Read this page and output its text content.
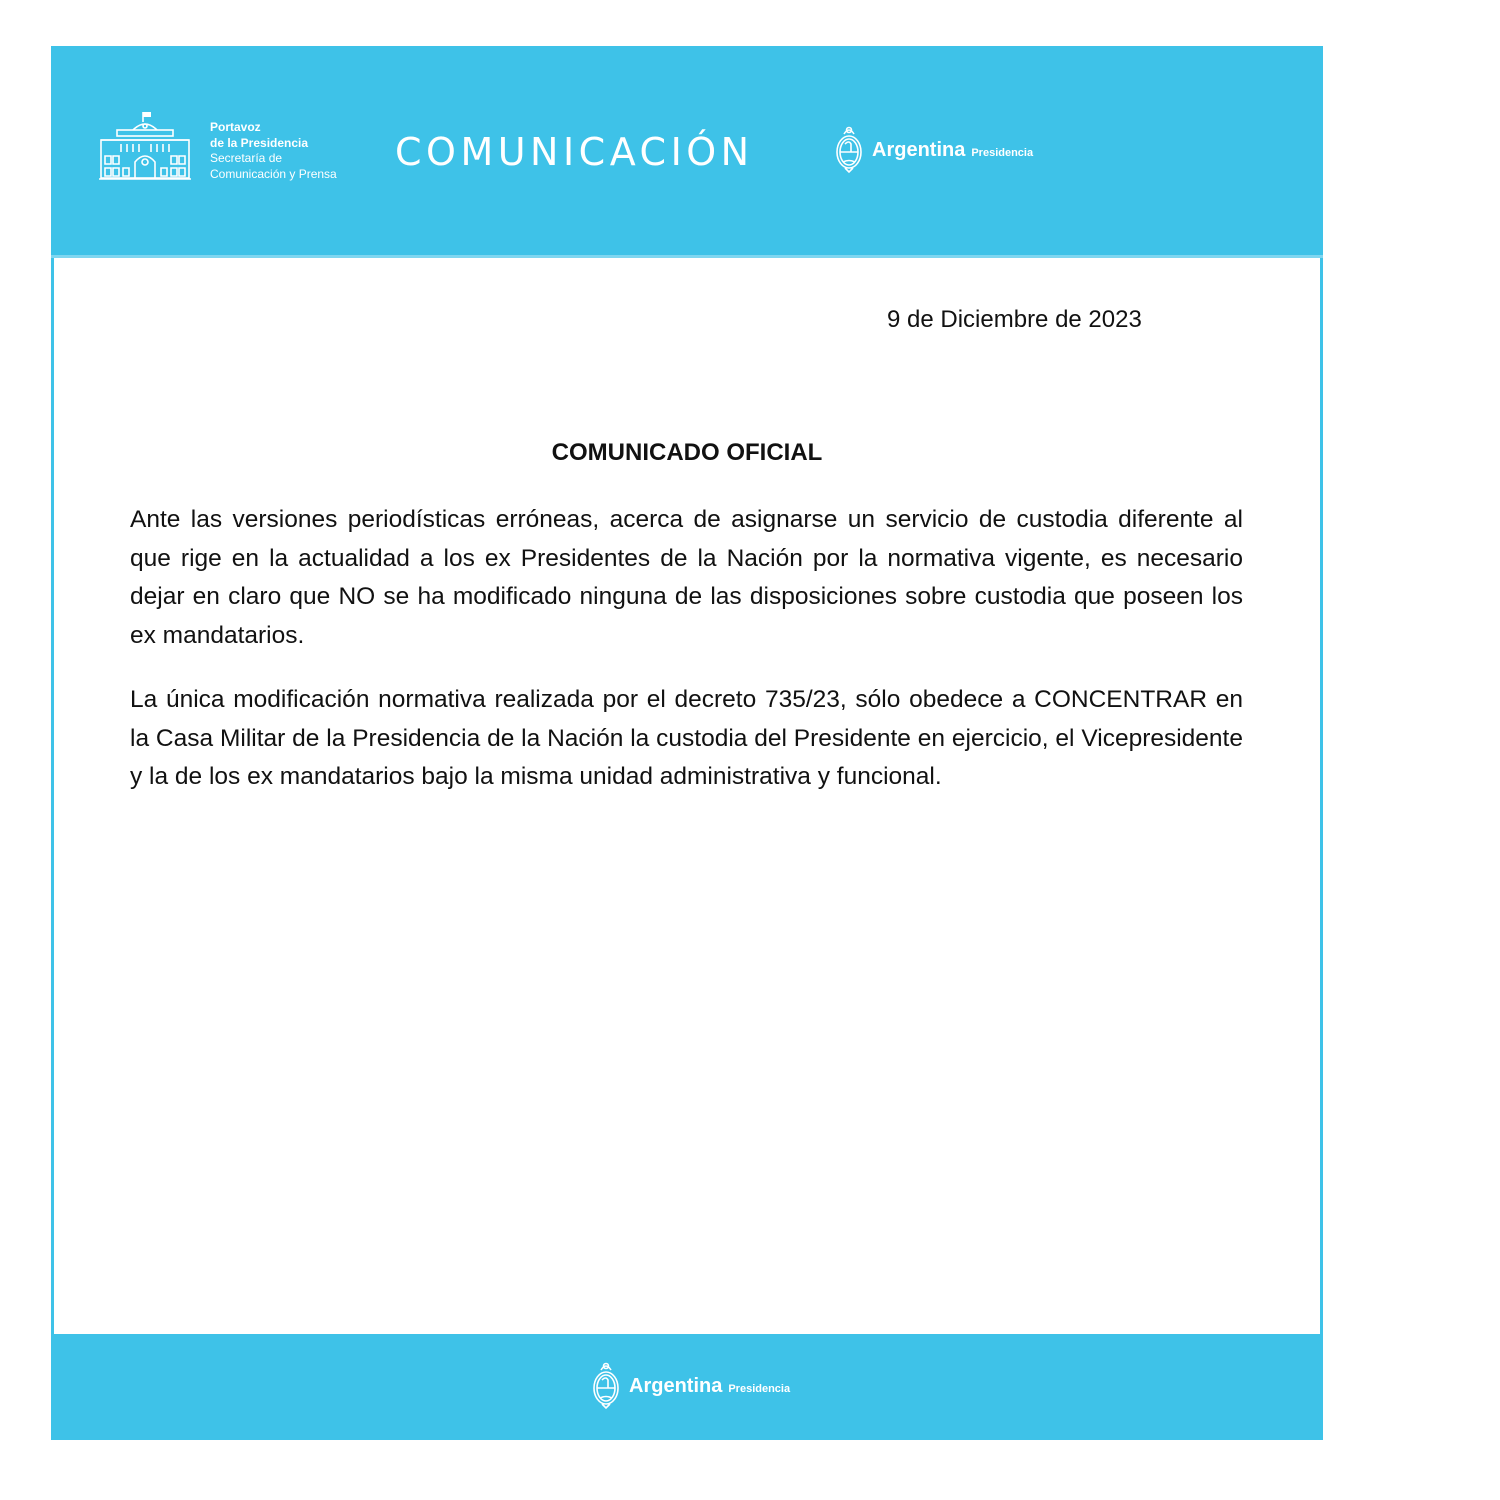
Portavoz
de la Presidencia
Secretaría de
Comunicación y Prensa COMUNICACIÓN	Argentina Presidencia
9 de Diciembre de 2023
COMUNICADO OFICIAL

Ante las versiones periodísticas erróneas, acerca de asignarse un servicio de custodia diferente al que rige en la actualidad a los ex Presidentes de la Nación por la normativa vigente, es necesario dejar en claro que NO se ha modificado ninguna de las disposiciones sobre custodia que poseen los ex mandatarios.

La única modificación normativa realizada por el decreto 735/23, sólo obedece a CONCENTRAR en la Casa Militar de la Presidencia de la Nación la custodia del Presidente en ejercicio, el Vicepresidente y la de los ex mandatarios bajo la misma unidad administrativa y funcional.

Argentina Presidencia
